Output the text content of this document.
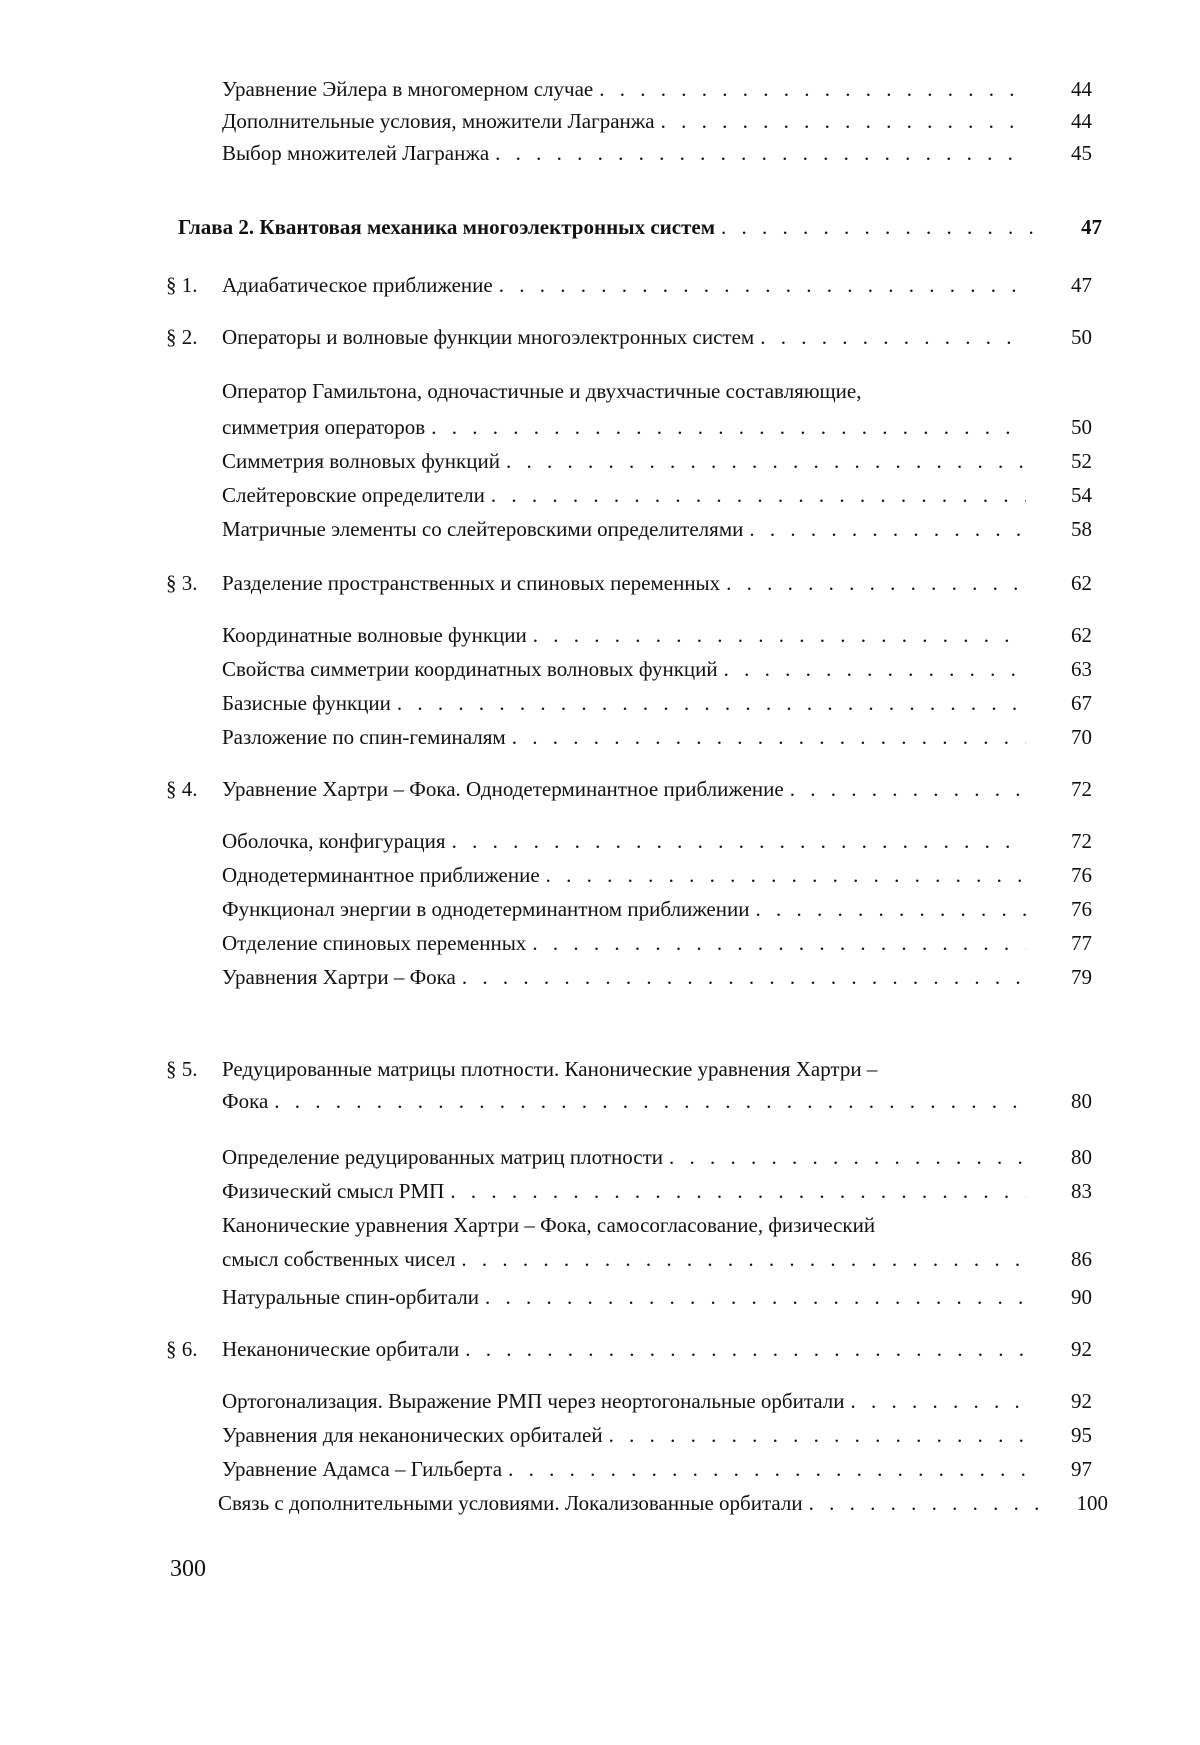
Уравнение Эйлера в многомерном случае . . .	44
Дополнительные условия, множители Лагранжа . . .	44
Выбор множителей Лагранжа . . .	45
Глава 2. Квантовая механика многоэлектронных систем . . .	47
§ 1. Адиабатическое приближение . . .	47
§ 2. Операторы и волновые функции многоэлектронных систем . . .	50
Оператор Гамильтона, одночастичные и двухчастичные составляющие,
симметрия операторов . . .	50
Симметрия волновых функций . . .	52
Слейтеровские определители . . .	54
Матричные элементы со слейтеровскими определителями . . .	58
§ 3. Разделение пространственных и спиновых переменных . . .	62
Координатные волновые функции . . .	62
Свойства симметрии координатных волновых функций . . .	63
Базисные функции . . .	67
Разложение по спин-геминалям . . .	70
§ 4. Уравнение Хартри – Фока. Однодетерминантное приближение . . .	72
Оболочка, конфигурация . . .	72
Однодетерминантное приближение . . .	76
Функционал энергии в однодетерминантном приближении . . .	76
Отделение спиновых переменных . . .	77
Уравнения Хартри – Фока . . .	79
§ 5. Редуцированные матрицы плотности. Канонические уравнения Хартри –
Фока . . .	80
Определение редуцированных матриц плотности . . .	80
Физический смысл РМП . . .	83
Канонические уравнения Хартри – Фока, самосогласование, физический
смысл собственных чисел . . .	86
Натуральные спин-орбитали . . .	90
§ 6. Неканонические орбитали . . .	92
Ортогонализация. Выражение РМП через неортогональные орбитали . . .	92
Уравнения для неканонических орбиталей . . .	95
Уравнение Адамса – Гильберта . . .	97
Связь с дополнительными условиями. Локализованные орбитали . . .	100
300
